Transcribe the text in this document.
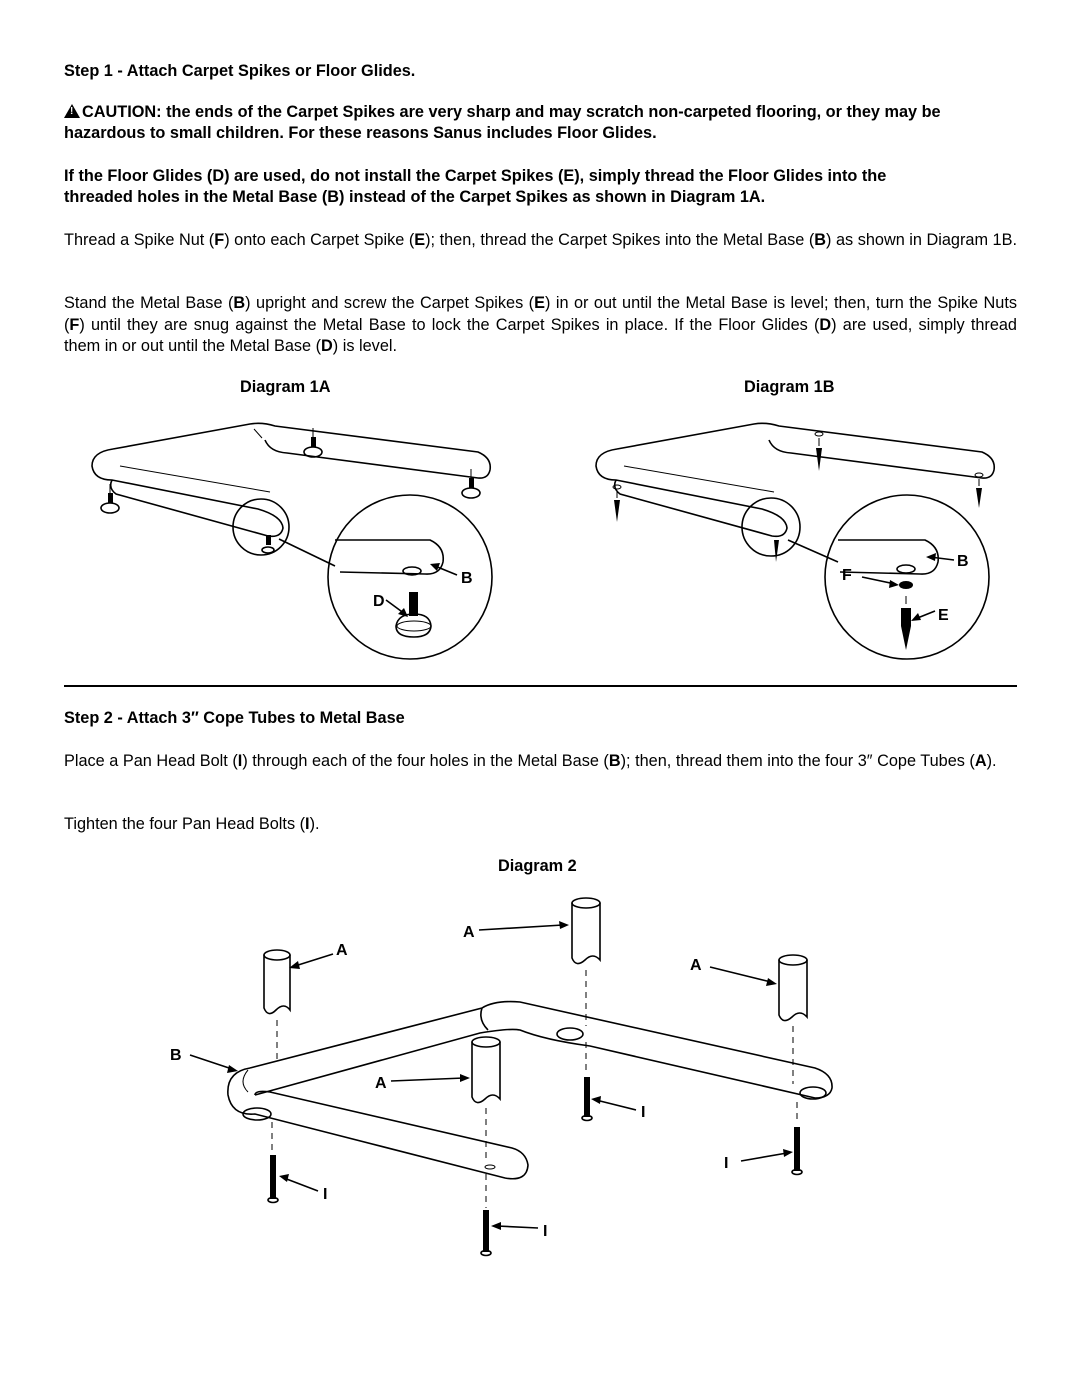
Step 1 - Attach Carpet Spikes or Floor Glides.

!CAUTION: the ends of the Carpet Spikes are very sharp and may scratch non-carpeted flooring, or they may be

hazardous to small children. For these reasons Sanus includes Floor Glides.

If the Floor Glides (D) are used, do not install the Carpet Spikes (E), simply thread the Floor Glides into the

threaded holes in the Metal Base (B) instead of the Carpet Spikes as shown in Diagram 1A.

Thread a Spike Nut (F) onto each Carpet Spike (E); then, thread the Carpet Spikes into the Metal Base (B) as shown in Diagram 1B.

Stand the Metal Base (B) upright and screw the Carpet Spikes (E) in or out until the Metal Base is level; then, turn the Spike Nuts (F) until they are snug against the Metal Base to lock the Carpet Spikes in place. If the Floor Glides (D) are used, simply thread them in or out until the Metal Base (D) is level.

Step 2 - Attach 3″ Cope Tubes to Metal Base

Place a Pan Head Bolt (I) through each of the four holes in the Metal Base (B); then, thread them into the four 3″ Cope Tubes (A).

Tighten the four Pan Head Bolts (I).

Diagram 1A	Diagram 1B
B
D
B
F
E
Diagram 2
A
A
A
A
B
I
I
I
I
